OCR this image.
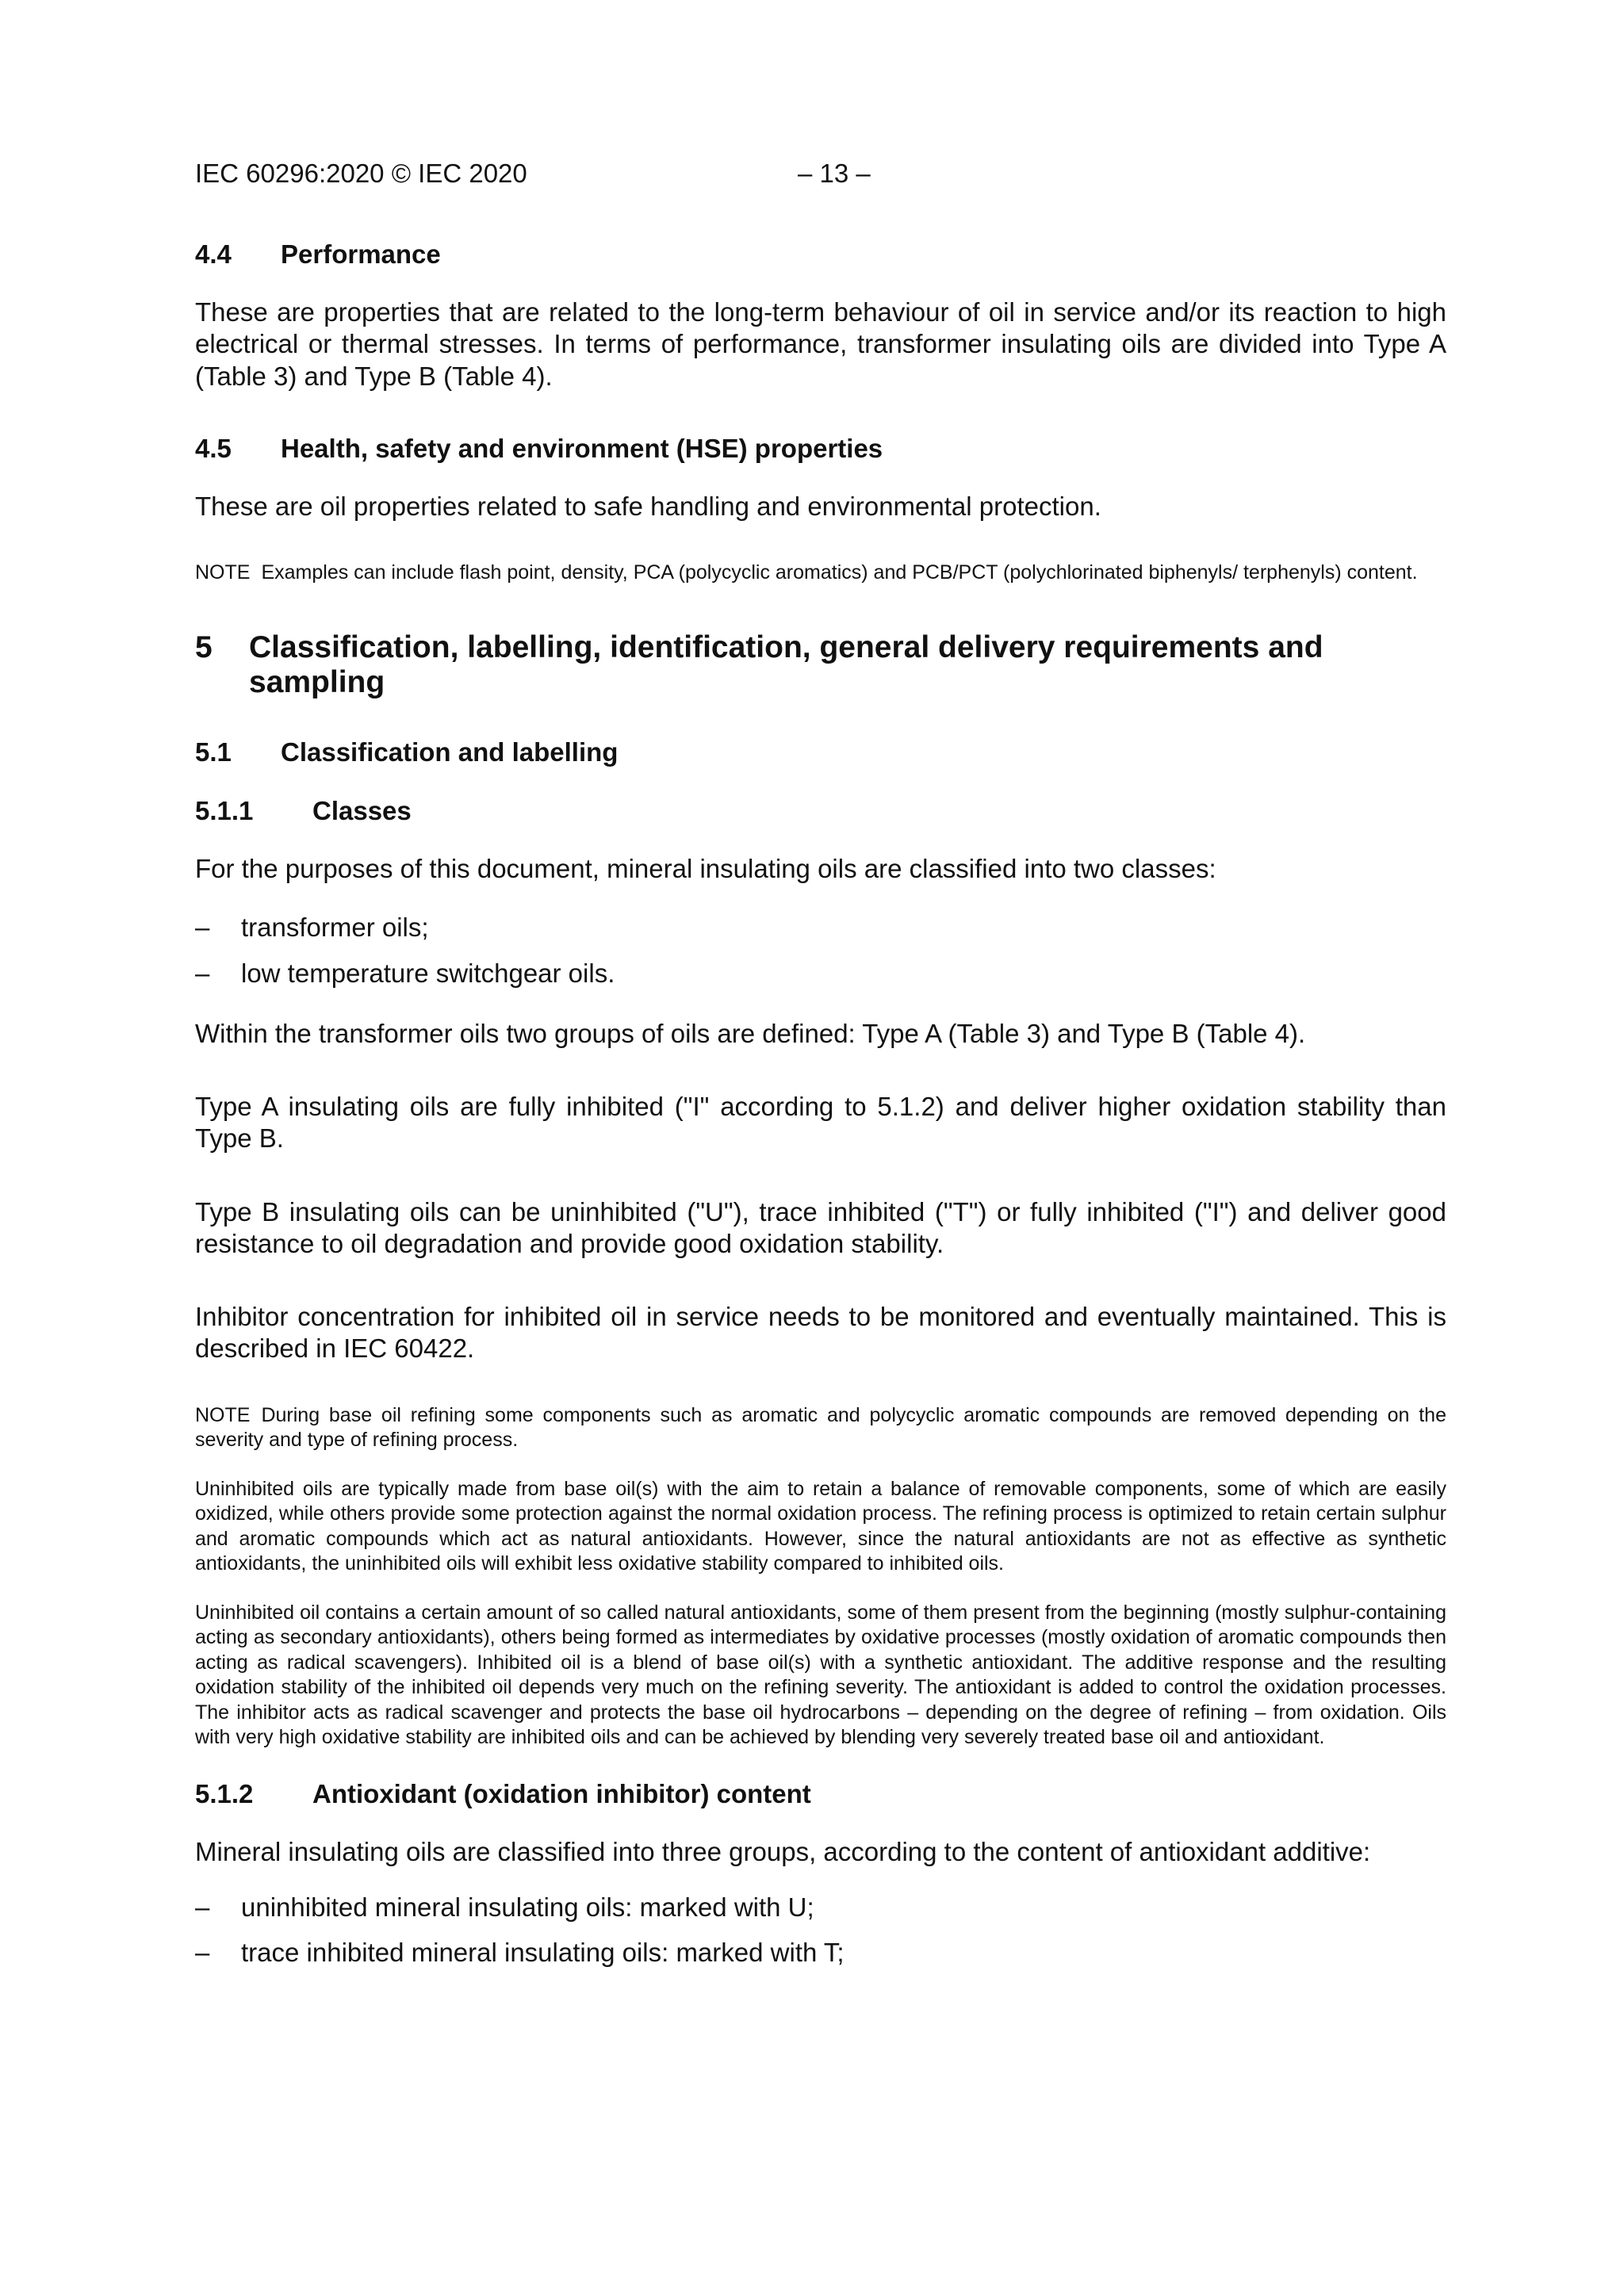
IEC 60296:2020 © IEC 2020	– 13 –
4.4	Performance
These are properties that are related to the long-term behaviour of oil in service and/or its reaction to high electrical or thermal stresses. In terms of performance, transformer insulating oils are divided into Type A (Table 3) and Type B (Table 4).
4.5	Health, safety and environment (HSE) properties
These are oil properties related to safe handling and environmental protection.
NOTE Examples can include flash point, density, PCA (polycyclic aromatics) and PCB/PCT (polychlorinated biphenyls/ terphenyls) content.
5	Classification, labelling, identification, general delivery requirements and sampling
5.1	Classification and labelling
5.1.1	Classes
For the purposes of this document, mineral insulating oils are classified into two classes:
–	transformer oils;
–	low temperature switchgear oils.
Within the transformer oils two groups of oils are defined: Type A (Table 3) and Type B (Table 4).
Type A insulating oils are fully inhibited ("I" according to 5.1.2) and deliver higher oxidation stability than Type B.
Type B insulating oils can be uninhibited ("U"), trace inhibited ("T") or fully inhibited ("I") and deliver good resistance to oil degradation and provide good oxidation stability.
Inhibitor concentration for inhibited oil in service needs to be monitored and eventually maintained. This is described in IEC 60422.
NOTE During base oil refining some components such as aromatic and polycyclic aromatic compounds are removed depending on the severity and type of refining process.
Uninhibited oils are typically made from base oil(s) with the aim to retain a balance of removable components, some of which are easily oxidized, while others provide some protection against the normal oxidation process. The refining process is optimized to retain certain sulphur and aromatic compounds which act as natural antioxidants. However, since the natural antioxidants are not as effective as synthetic antioxidants, the uninhibited oils will exhibit less oxidative stability compared to inhibited oils.
Uninhibited oil contains a certain amount of so called natural antioxidants, some of them present from the beginning (mostly sulphur-containing acting as secondary antioxidants), others being formed as intermediates by oxidative processes (mostly oxidation of aromatic compounds then acting as radical scavengers). Inhibited oil is a blend of base oil(s) with a synthetic antioxidant. The additive response and the resulting oxidation stability of the inhibited oil depends very much on the refining severity. The antioxidant is added to control the oxidation processes. The inhibitor acts as radical scavenger and protects the base oil hydrocarbons – depending on the degree of refining – from oxidation. Oils with very high oxidative stability are inhibited oils and can be achieved by blending very severely treated base oil and antioxidant.
5.1.2	Antioxidant (oxidation inhibitor) content
Mineral insulating oils are classified into three groups, according to the content of antioxidant additive:
–	uninhibited mineral insulating oils: marked with U;
–	trace inhibited mineral insulating oils: marked with T;
